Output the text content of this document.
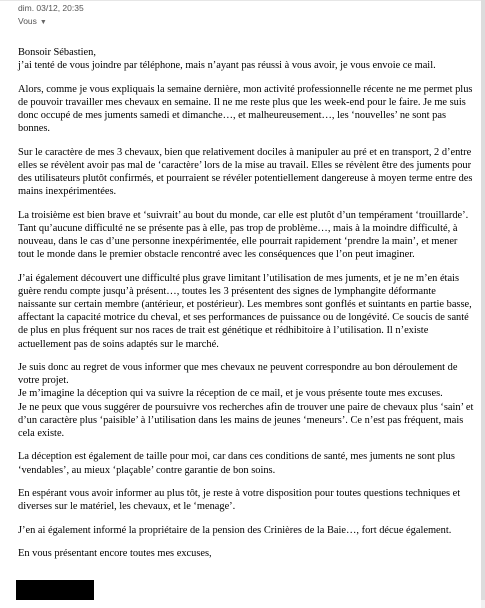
dim. 03/12, 20:35
Vous ▼

Bonsoir Sébastien,
j’ai tenté de vous joindre par téléphone, mais n’ayant pas réussi à vous avoir, je vous envoie ce mail.

Alors, comme je vous expliquais la semaine dernière, mon activité professionnelle récente ne me permet plus de pouvoir travailler mes chevaux en semaine. Il ne me reste plus que les week-end pour le faire. Je me suis donc occupé de mes juments samedi et dimanche…, et malheureusement…, les ‘nouvelles’ ne sont pas bonnes.

Sur le caractère de mes 3 chevaux, bien que relativement dociles à manipuler au pré et en transport, 2 d’entre elles se révèlent avoir pas mal de ‘caractère’ lors de la mise au travail. Elles se révèlent être des juments pour des utilisateurs plutôt confirmés, et pourraient se révéler potentiellement dangereuse à moyen terme entre des mains inexpérimentées.

La troisième est bien brave et ‘suivrait’ au bout du monde, car elle est plutôt d’un tempérament ‘trouillarde’. Tant qu’aucune difficulté ne se présente pas à elle, pas trop de problème…, mais à la moindre difficulté, à nouveau, dans le cas d’une personne inexpérimentée, elle pourrait rapidement ‘prendre la main’, et mener tout le monde dans le premier obstacle rencontré avec les conséquences que l’on peut imaginer.

J’ai également découvert une difficulté plus grave limitant l’utilisation de mes juments, et je ne m’en étais guère rendu compte jusqu’à présent…, toutes les 3 présentent des signes de lymphangite déformante naissante sur certain membre (antérieur, et postérieur). Les membres sont gonflés et suintants en partie basse, affectant la capacité motrice du cheval, et ses performances de puissance ou de longévité. Ce soucis de santé de plus en plus fréquent sur nos races de trait est génétique et rédhibitoire à l’utilisation. Il n’existe actuellement pas de soins adaptés sur le marché.

Je suis donc au regret de vous informer que mes chevaux ne peuvent correspondre au bon déroulement de votre projet.
Je m’imagine la déception qui va suivre la réception de ce mail, et je vous présente toute mes excuses.
Je ne peux que vous suggérer de poursuivre vos recherches afin de trouver une paire de chevaux plus ‘sain’ et d’un caractère plus ‘paisible’ à l’utilisation dans les mains de jeunes ‘meneurs’. Ce n’est pas fréquent, mais cela existe.

La déception est également de taille pour moi, car dans ces conditions de santé, mes juments ne sont plus ‘vendables’, au mieux ‘plaçable’ contre garantie de bon soins.

En espérant vous avoir informer au plus tôt, je reste à votre disposition pour toutes questions techniques et diverses sur le matériel, les chevaux, et le ‘menage’.

J’en ai également informé la propriétaire de la pension des Crinières de la Baie…, fort décue également.

En vous présentant encore toutes mes excuses,
